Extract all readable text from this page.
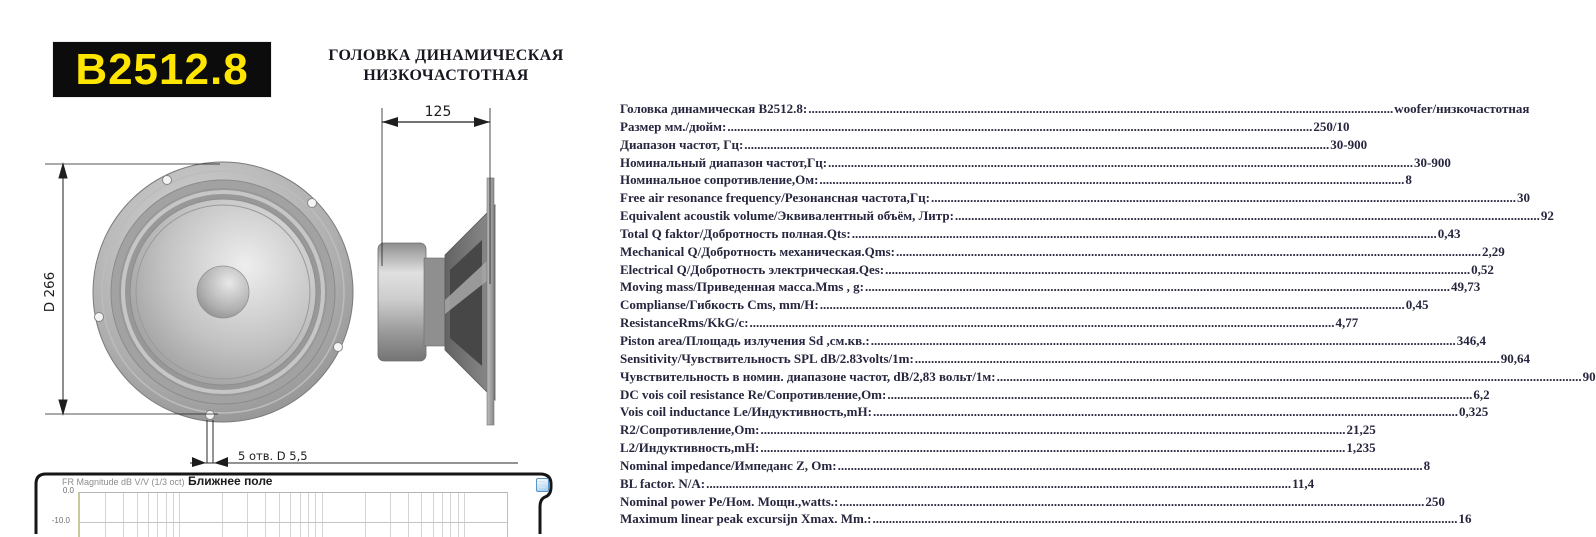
B2512.8	ГОЛОВКА ДИНАМИЧЕСКАЯ
НИЗКОЧАСТОТНАЯ
D 266
5 отв. D 5,5
125	Головка динамическая B2512.8: .................................................................................................................................................................................... woofer/низкочастотная
Размер мм./дюйм: .................................................................................................................................................................................... 250/10
Диапазон частот, Гц: .................................................................................................................................................................................... 30-900
Номинальный диапазон частот,Гц: .................................................................................................................................................................................... 30-900
Номинальное сопротивление,Ом: .................................................................................................................................................................................... 8
Free air resonance frequency/Резонансная частота,Гц: .................................................................................................................................................................................... 30
Equivalent acoustik volume/Эквивалентный объём, Литр: .................................................................................................................................................................................... 92
Total Q faktor/Добротность полная.Qts: .................................................................................................................................................................................... 0,43
Mechanical Q/Добротность механическая.Qms: .................................................................................................................................................................................... 2,29
Electrical Q/Добротность электрическая.Qes: .................................................................................................................................................................................... 0,52
Moving mass/Приведенная масса.Mms , g: .................................................................................................................................................................................... 49,73
Complianse/Гибкость Cms, mm/H: .................................................................................................................................................................................... 0,45
ResistanceRms/KkG/c: .................................................................................................................................................................................... 4,77
Piston area/Площадь излучения Sd ,см.кв.: .................................................................................................................................................................................... 346,4
Sensitivity/Чувствительность SPL dB/2.83volts/1m: .................................................................................................................................................................................... 90,64
Чувствительность в номин. диапазоне частот, dB/2,83 вольт/1м: .................................................................................................................................................................................... 90
DC vois coil resistance Re/Сопротивление,Om: .................................................................................................................................................................................... 6,2
Vois coil inductance Le/Индуктивность,mH: .................................................................................................................................................................................... 0,325
R2/Сопротивление,Om: .................................................................................................................................................................................... 21,25
L2/Индуктивность,mH: .................................................................................................................................................................................... 1,235
Nominal impedance/Импеданс Z, Om: .................................................................................................................................................................................... 8
BL factor. N/A: .................................................................................................................................................................................... 11,4
Nominal power Pe/Ном. Мощн.,watts.: .................................................................................................................................................................................... 250
Maximum linear peak excursijn Xmax. Mm.: .................................................................................................................................................................................... 16
FR Magnitude dB V/V (1/3 oct) Ближнее поле
0.0
-10.0
